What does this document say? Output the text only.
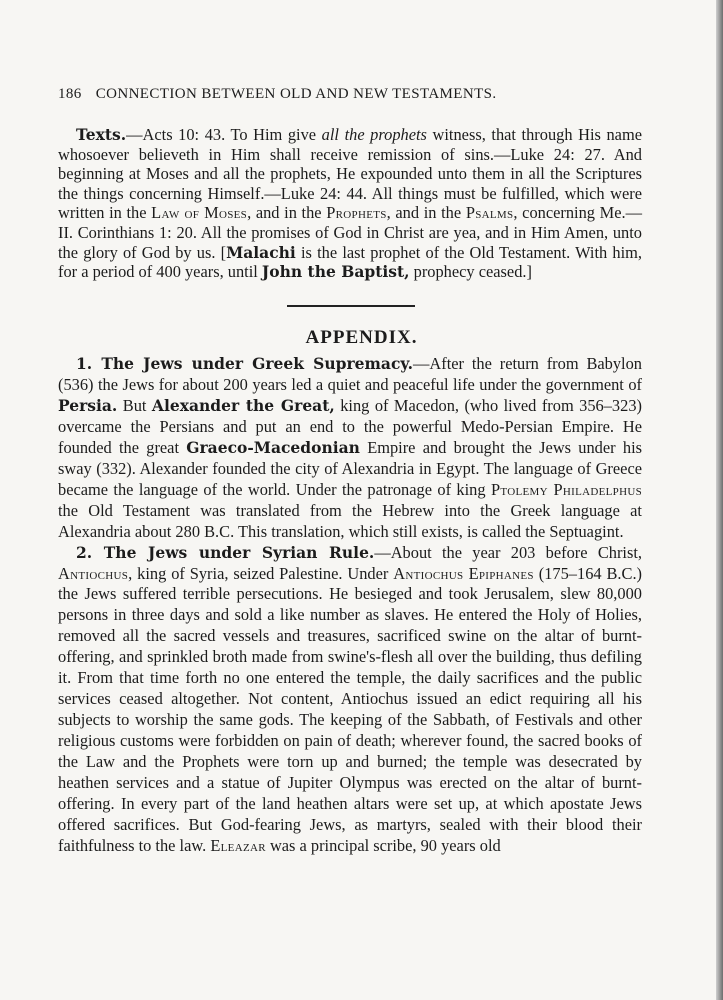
186 CONNECTION BETWEEN OLD AND NEW TESTAMENTS.

Texts.—Acts 10: 43. To Him give all the prophets witness, that through His name whosoever believeth in Him shall receive remission of sins.—Luke 24: 27. And beginning at Moses and all the prophets, He expounded unto them in all the Scriptures the things concerning Himself.—Luke 24: 44. All things must be fulfilled, which were written in the Law of Moses, and in the Prophets, and in the Psalms, concerning Me.—II. Corinthians 1: 20. All the promises of God in Christ are yea, and in Him Amen, unto the glory of God by us. [Malachi is the last prophet of the Old Testament. With him, for a period of 400 years, until John the Baptist, prophecy ceased.]

APPENDIX.

1. The Jews under Greek Supremacy.—After the return from Babylon (536) the Jews for about 200 years led a quiet and peaceful life under the government of Persia. But Alexander the Great, king of Macedon, (who lived from 356–323) overcame the Persians and put an end to the powerful Medo-Persian Empire. He founded the great Graeco-Macedonian Empire and brought the Jews under his sway (332). Alexander founded the city of Alexandria in Egypt. The language of Greece became the language of the world. Under the patronage of king Ptolemy Philadelphus the Old Testament was translated from the Hebrew into the Greek language at Alexandria about 280 B.C. This translation, which still exists, is called the Septuagint.

2. The Jews under Syrian Rule.—About the year 203 before Christ, Antiochus, king of Syria, seized Palestine. Under Antiochus Epiphanes (175–164 B.C.) the Jews suffered terrible persecutions. He besieged and took Jerusalem, slew 80,000 persons in three days and sold a like number as slaves. He entered the Holy of Holies, removed all the sacred vessels and treasures, sacrificed swine on the altar of burnt-offering, and sprinkled broth made from swine's-flesh all over the building, thus defiling it. From that time forth no one entered the temple, the daily sacrifices and the public services ceased altogether. Not content, Antiochus issued an edict requiring all his subjects to worship the same gods. The keeping of the Sabbath, of Festivals and other religious customs were forbidden on pain of death; wherever found, the sacred books of the Law and the Prophets were torn up and burned; the temple was desecrated by heathen services and a statue of Jupiter Olympus was erected on the altar of burnt-offering. In every part of the land heathen altars were set up, at which apostate Jews offered sacrifices. But God-fearing Jews, as martyrs, sealed with their blood their faithfulness to the law. Eleazar was a principal scribe, 90 years old
